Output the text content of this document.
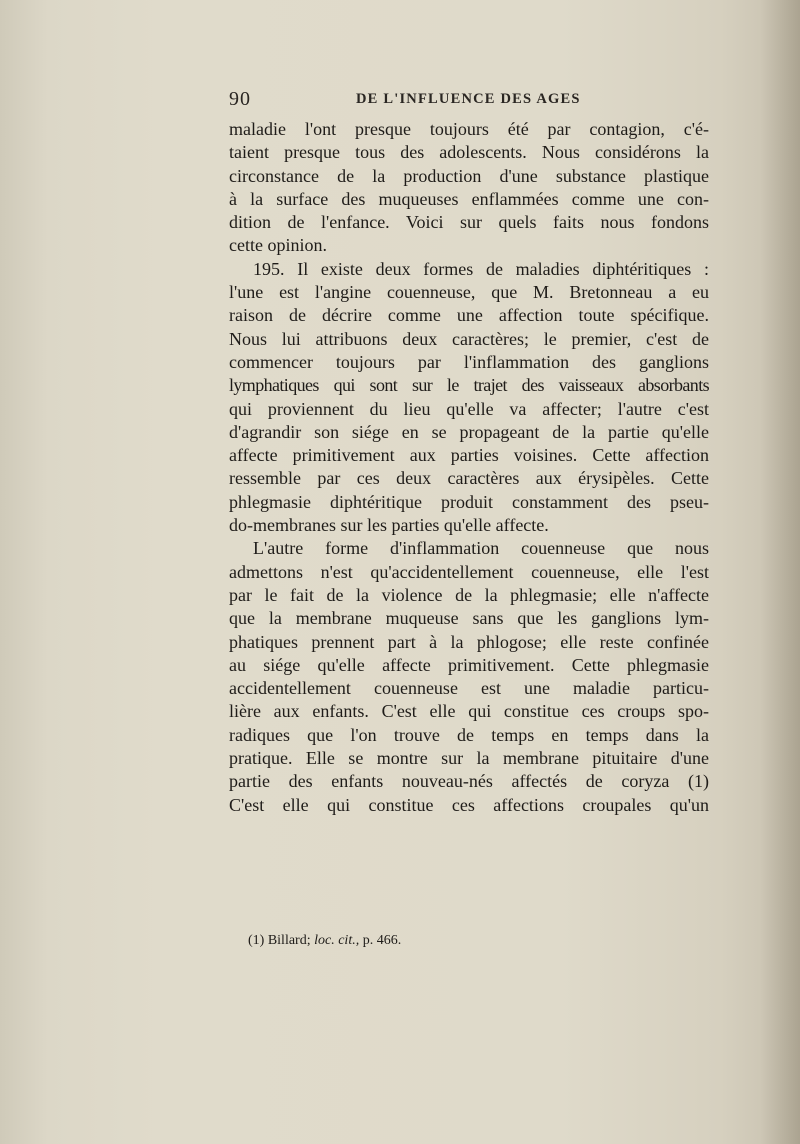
90	DE L'INFLUENCE DES AGES
maladie l'ont presque toujours été par contagion, c'é-
taient presque tous des adolescents. Nous considérons la
circonstance de la production d'une substance plastique
à la surface des muqueuses enflammées comme une con-
dition de l'enfance. Voici sur quels faits nous fondons
cette opinion.
195. Il existe deux formes de maladies diphtéritiques :
l'une est l'angine couenneuse, que M. Bretonneau a eu
raison de décrire comme une affection toute spécifique.
Nous lui attribuons deux caractères; le premier, c'est de
commencer toujours par l'inflammation des ganglions
lymphatiques qui sont sur le trajet des vaisseaux absorbants
qui proviennent du lieu qu'elle va affecter; l'autre c'est
d'agrandir son siége en se propageant de la partie qu'elle
affecte primitivement aux parties voisines. Cette affection
ressemble par ces deux caractères aux érysipèles. Cette
phlegmasie diphtéritique produit constamment des pseu-
do-membranes sur les parties qu'elle affecte.
L'autre forme d'inflammation couenneuse que nous
admettons n'est qu'accidentellement couenneuse, elle l'est
par le fait de la violence de la phlegmasie; elle n'affecte
que la membrane muqueuse sans que les ganglions lym-
phatiques prennent part à la phlogose; elle reste confinée
au siége qu'elle affecte primitivement. Cette phlegmasie
accidentellement couenneuse est une maladie particu-
lière aux enfants. C'est elle qui constitue ces croups spo-
radiques que l'on trouve de temps en temps dans la
pratique. Elle se montre sur la membrane pituitaire d'une
partie des enfants nouveau-nés affectés de coryza (1)
C'est elle qui constitue ces affections croupales qu'un
(1) Billard; loc. cit., p. 466.
